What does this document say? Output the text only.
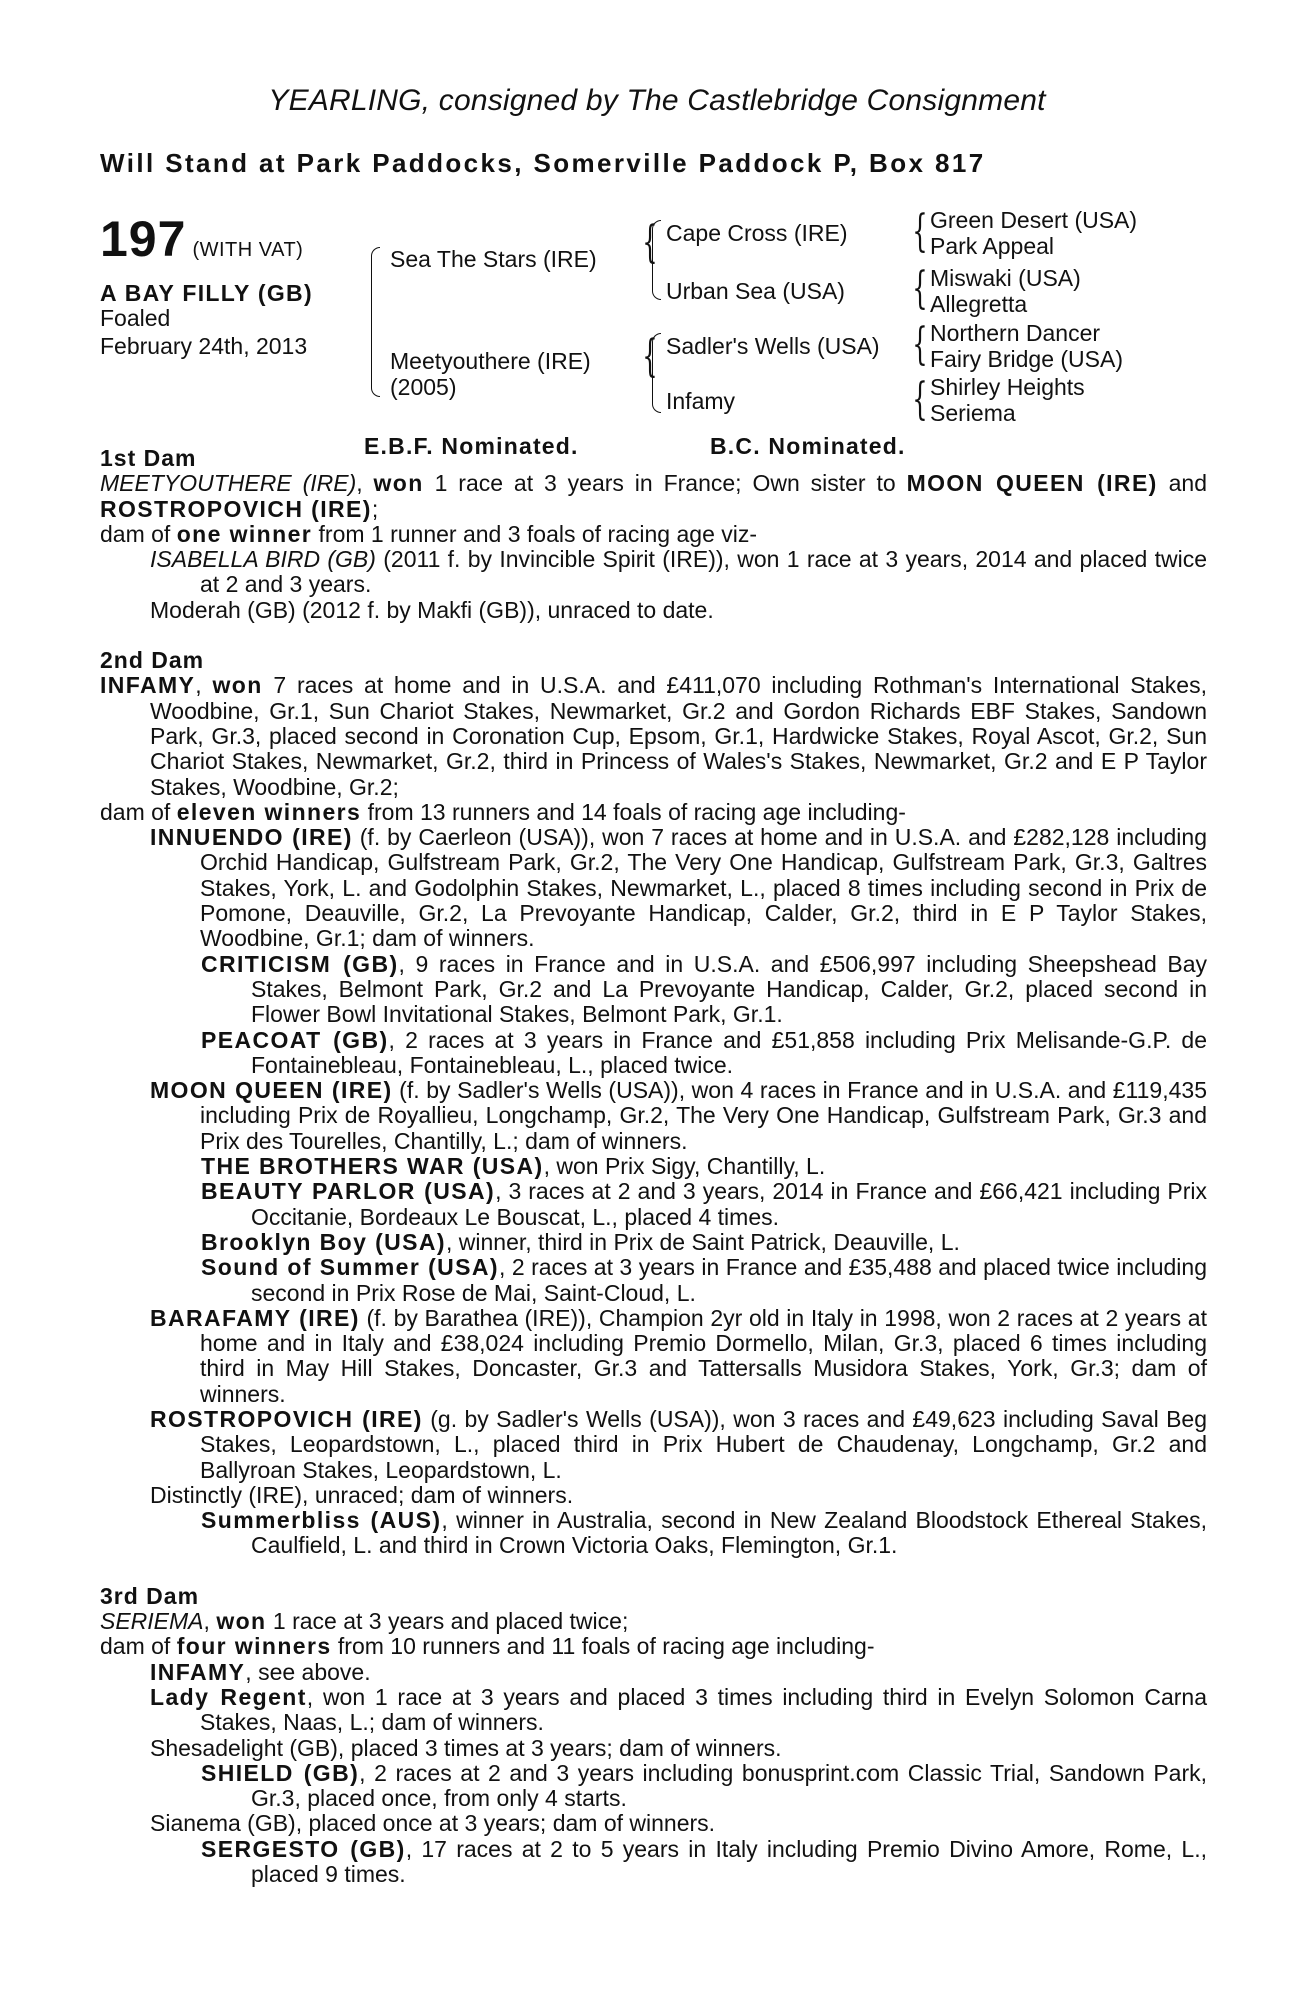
YEARLING, consigned by The Castlebridge Consignment
Will Stand at Park Paddocks, Somerville Paddock P, Box 817
197 (WITH VAT)
A BAY FILLY (GB)
Foaled
February 24th, 2013
Sea The Stars (IRE)
Meetyouthere (IRE)
(2005)
{
{
Cape Cross (IRE)
Urban Sea (USA)
Sadler's Wells (USA)
Infamy
{
{
{
{
Green Desert (USA)
Park Appeal
Miswaki (USA)
Allegretta
Northern Dancer
Fairy Bridge (USA)
Shirley Heights
Seriema
E.B.F. Nominated.	B.C. Nominated.
1st Dam
MEETYOUTHERE (IRE), won 1 race at 3 years in France; Own sister to MOON QUEEN (IRE) and ROSTROPOVICH (IRE);
dam of one winner from 1 runner and 3 foals of racing age viz-
ISABELLA BIRD (GB) (2011 f. by Invincible Spirit (IRE)), won 1 race at 3 years, 2014 and placed twice at 2 and 3 years.
Moderah (GB) (2012 f. by Makfi (GB)), unraced to date.
2nd Dam
INFAMY, won 7 races at home and in U.S.A. and £411,070 including Rothman's International Stakes, Woodbine, Gr.1, Sun Chariot Stakes, Newmarket, Gr.2 and Gordon Richards EBF Stakes, Sandown Park, Gr.3, placed second in Coronation Cup, Epsom, Gr.1, Hardwicke Stakes, Royal Ascot, Gr.2, Sun Chariot Stakes, Newmarket, Gr.2, third in Princess of Wales's Stakes, Newmarket, Gr.2 and E P Taylor Stakes, Woodbine, Gr.2;
dam of eleven winners from 13 runners and 14 foals of racing age including-
INNUENDO (IRE) (f. by Caerleon (USA)), won 7 races at home and in U.S.A. and £282,128 including Orchid Handicap, Gulfstream Park, Gr.2, The Very One Handicap, Gulfstream Park, Gr.3, Galtres Stakes, York, L. and Godolphin Stakes, Newmarket, L., placed 8 times including second in Prix de Pomone, Deauville, Gr.2, La Prevoyante Handicap, Calder, Gr.2, third in E P Taylor Stakes, Woodbine, Gr.1; dam of winners.
CRITICISM (GB), 9 races in France and in U.S.A. and £506,997 including Sheepshead Bay Stakes, Belmont Park, Gr.2 and La Prevoyante Handicap, Calder, Gr.2, placed second in Flower Bowl Invitational Stakes, Belmont Park, Gr.1.
PEACOAT (GB), 2 races at 3 years in France and £51,858 including Prix Melisande-G.P. de Fontainebleau, Fontainebleau, L., placed twice.
MOON QUEEN (IRE) (f. by Sadler's Wells (USA)), won 4 races in France and in U.S.A. and £119,435 including Prix de Royallieu, Longchamp, Gr.2, The Very One Handicap, Gulfstream Park, Gr.3 and Prix des Tourelles, Chantilly, L.; dam of winners.
THE BROTHERS WAR (USA), won Prix Sigy, Chantilly, L.
BEAUTY PARLOR (USA), 3 races at 2 and 3 years, 2014 in France and £66,421 including Prix Occitanie, Bordeaux Le Bouscat, L., placed 4 times.
Brooklyn Boy (USA), winner, third in Prix de Saint Patrick, Deauville, L.
Sound of Summer (USA), 2 races at 3 years in France and £35,488 and placed twice including second in Prix Rose de Mai, Saint-Cloud, L.
BARAFAMY (IRE) (f. by Barathea (IRE)), Champion 2yr old in Italy in 1998, won 2 races at 2 years at home and in Italy and £38,024 including Premio Dormello, Milan, Gr.3, placed 6 times including third in May Hill Stakes, Doncaster, Gr.3 and Tattersalls Musidora Stakes, York, Gr.3; dam of winners.
ROSTROPOVICH (IRE) (g. by Sadler's Wells (USA)), won 3 races and £49,623 including Saval Beg Stakes, Leopardstown, L., placed third in Prix Hubert de Chaudenay, Longchamp, Gr.2 and Ballyroan Stakes, Leopardstown, L.
Distinctly (IRE), unraced; dam of winners.
Summerbliss (AUS), winner in Australia, second in New Zealand Bloodstock Ethereal Stakes, Caulfield, L. and third in Crown Victoria Oaks, Flemington, Gr.1.
3rd Dam
SERIEMA, won 1 race at 3 years and placed twice;
dam of four winners from 10 runners and 11 foals of racing age including-
INFAMY, see above.
Lady Regent, won 1 race at 3 years and placed 3 times including third in Evelyn Solomon Carna Stakes, Naas, L.; dam of winners.
Shesadelight (GB), placed 3 times at 3 years; dam of winners.
SHIELD (GB), 2 races at 2 and 3 years including bonusprint.com Classic Trial, Sandown Park, Gr.3, placed once, from only 4 starts.
Sianema (GB), placed once at 3 years; dam of winners.
SERGESTO (GB), 17 races at 2 to 5 years in Italy including Premio Divino Amore, Rome, L., placed 9 times.
